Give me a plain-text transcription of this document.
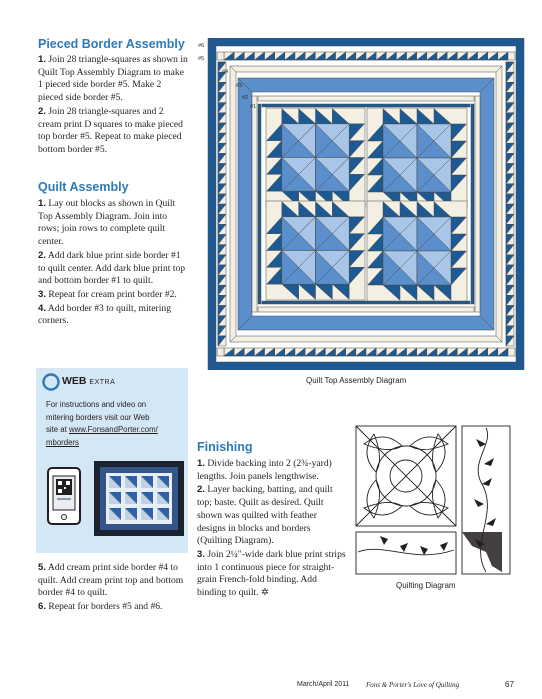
Pieced Border Assembly

1. Join 28 triangle-squares as shown in Quilt Top Assembly Diagram to make 1 pieced side border #5. Make 2 pieced side border #5.

2. Join 28 triangle-squares and 2 cream print D squares to make pieced top border #5. Repeat to make pieced bottom border #5.

Quilt Assembly

1. Lay out blocks as shown in Quilt Top Assembly Diagram. Join into rows; join rows to complete quilt center.

2. Add dark blue print side border #1 to quilt center. Add dark blue print top and bottom border #1 to quilt.

3. Repeat for cream print border #2.

4. Add border #3 to quilt, mitering corners.

WEB EXTRA
For instructions and video on
mitering borders visit our Web
site at www.FonsandPorter.com/
mborders

5. Add cream print side border #4 to quilt. Add cream print top and bottom border #4 to quilt.

6. Repeat for borders #5 and #6.

#6
#5
#4
#3
#2
#1
Quilt Top Assembly Diagram
Finishing

1. Divide backing into 2 (2¾-yard) lengths. Join panels lengthwise.

2. Layer backing, batting, and quilt top; baste. Quilt as desired. Quilt shown was quilted with feather designs in blocks and borders (Quilting Diagram).

3. Join 2¼"-wide dark blue print strips into 1 continuous piece for straight-grain French-fold binding. Add binding to quilt. ✲

Quilting Diagram
March/April 2011 Fons & Porter's Love of Quilting	67
